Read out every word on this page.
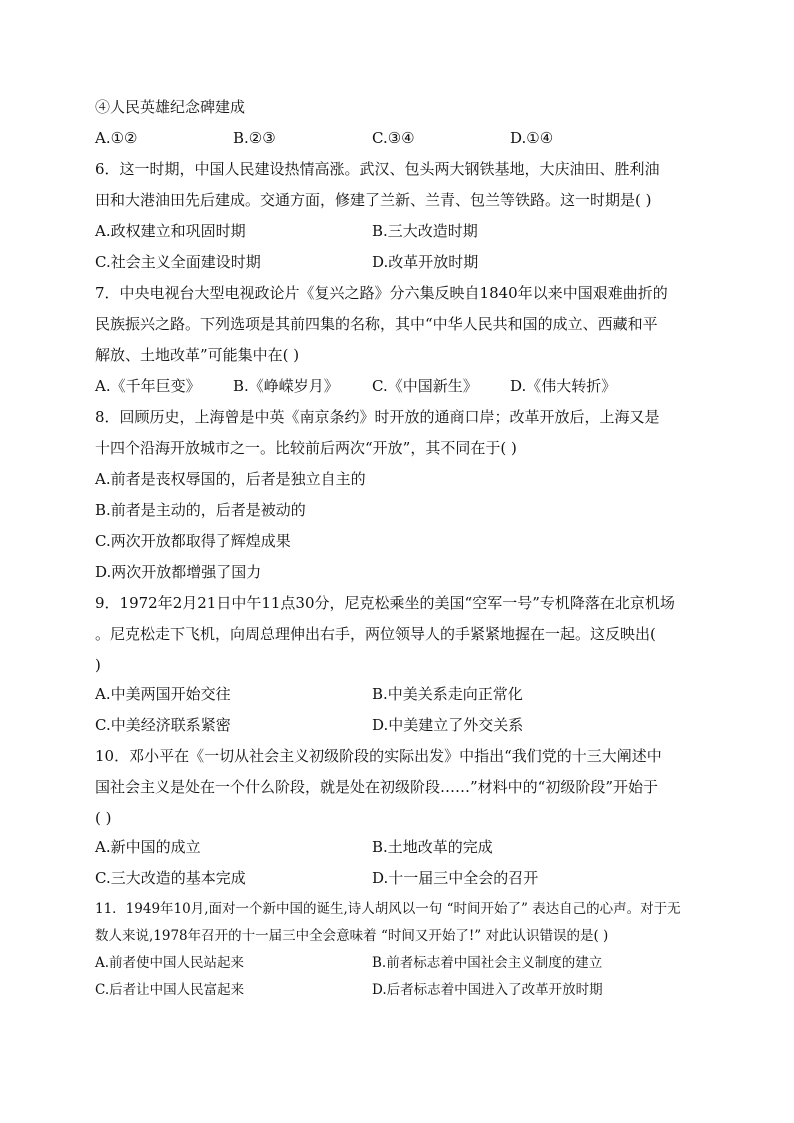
④人民英雄纪念碑建成
A.①②	B.②③	C.③④	D.①④
6．这一时期，中国人民建设热情高涨。武汉、包头两大钢铁基地，大庆油田、胜利油
田和大港油田先后建成。交通方面，修建了兰新、兰青、包兰等铁路。这一时期是( )
A.政权建立和巩固时期	B.三大改造时期
C.社会主义全面建设时期	D.改革开放时期
7．中央电视台大型电视政论片《复兴之路》分六集反映自1840年以来中国艰难曲折的
民族振兴之路。下列选项是其前四集的名称，其中“中华人民共和国的成立、西藏和平
解放、土地改革”可能集中在( )
A.《千年巨变》 B.《峥嵘岁月》 C.《中国新生》 D.《伟大转折》
8．回顾历史，上海曾是中英《南京条约》时开放的通商口岸；改革开放后，上海又是
十四个沿海开放城市之一。比较前后两次“开放”，其不同在于( )
A.前者是丧权辱国的，后者是独立自主的
B.前者是主动的，后者是被动的
C.两次开放都取得了辉煌成果
D.两次开放都增强了国力
9．1972年2月21日中午11点30分，尼克松乘坐的美国“空军一号”专机降落在北京机场
。尼克松走下飞机，向周总理伸出右手，两位领导人的手紧紧地握在一起。这反映出(
)
A.中美两国开始交往	B.中美关系走向正常化
C.中美经济联系紧密	D.中美建立了外交关系
10．邓小平在《一切从社会主义初级阶段的实际出发》中指出“我们党的十三大阐述中
国社会主义是处在一个什么阶段，就是处在初级阶段……”材料中的“初级阶段”开始于
( )
A.新中国的成立	B.土地改革的完成
C.三大改造的基本完成	D.十一届三中全会的召开
11．1949年10月,面对一个新中国的诞生,诗人胡风以一句 “时间开始了” 表达自己的心声。对于无
数人来说,1978年召开的十一届三中全会意味着 “时间又开始了!” 对此认识错误的是( )
A.前者使中国人民站起来	B.前者标志着中国社会主义制度的建立
C.后者让中国人民富起来	D.后者标志着中国进入了改革开放时期
